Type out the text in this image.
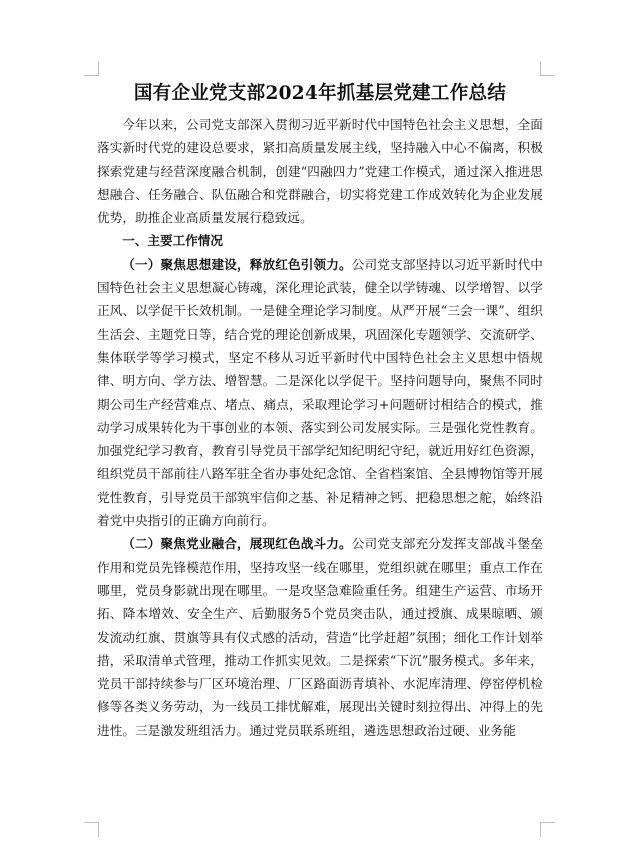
国有企业党支部2024年抓基层党建工作总结

今年以来，公司党支部深入贯彻习近平新时代中国特色社会主义思想，全面落实新时代党的建设总要求，紧扣高质量发展主线，坚持融入中心不偏离，积极探索党建与经营深度融合机制，创建“四融四力”党建工作模式，通过深入推进思想融合、任务融合、队伍融合和党群融合，切实将党建工作成效转化为企业发展优势，助推企业高质量发展行稳致远。

一、主要工作情况

（一）聚焦思想建设，释放红色引领力。公司党支部坚持以习近平新时代中国特色社会主义思想凝心铸魂，深化理论武装，健全以学铸魂、以学增智、以学正风、以学促干长效机制。一是健全理论学习制度。从严开展“三会一课”、组织生活会、主题党日等，结合党的理论创新成果，巩固深化专题领学、交流研学、集体联学等学习模式，坚定不移从习近平新时代中国特色社会主义思想中悟规律、明方向、学方法、增智慧。二是深化以学促干。坚持问题导向，聚焦不同时期公司生产经营难点、堵点、痛点，采取理论学习+问题研讨相结合的模式，推动学习成果转化为干事创业的本领、落实到公司发展实际。三是强化党性教育。加强党纪学习教育，教育引导党员干部学纪知纪明纪守纪，就近用好红色资源，组织党员干部前往八路军驻全省办事处纪念馆、全省档案馆、全县博物馆等开展党性教育，引导党员干部筑牢信仰之基、补足精神之钙、把稳思想之舵，始终沿着党中央指引的正确方向前行。

（二）聚焦党业融合，展现红色战斗力。公司党支部充分发挥支部战斗堡垒作用和党员先锋模范作用，坚持攻坚一线在哪里，党组织就在哪里；重点工作在哪里，党员身影就出现在哪里。一是攻坚急难险重任务。组建生产运营、市场开拓、降本增效、安全生产、后勤服务5个党员突击队，通过授旗、成果晾晒、颁发流动红旗、贯旗等具有仪式感的活动，营造“比学赶超”氛围；细化工作计划举措，采取清单式管理，推动工作抓实见效。二是探索“下沉”服务模式。多年来，党员干部持续参与厂区环境治理、厂区路面沥青填补、水泥库清理、停窑停机检修等各类义务劳动，为一线员工排忧解难，展现出关键时刻拉得出、冲得上的先进性。三是激发班组活力。通过党员联系班组，遴选思想政治过硬、业务能
